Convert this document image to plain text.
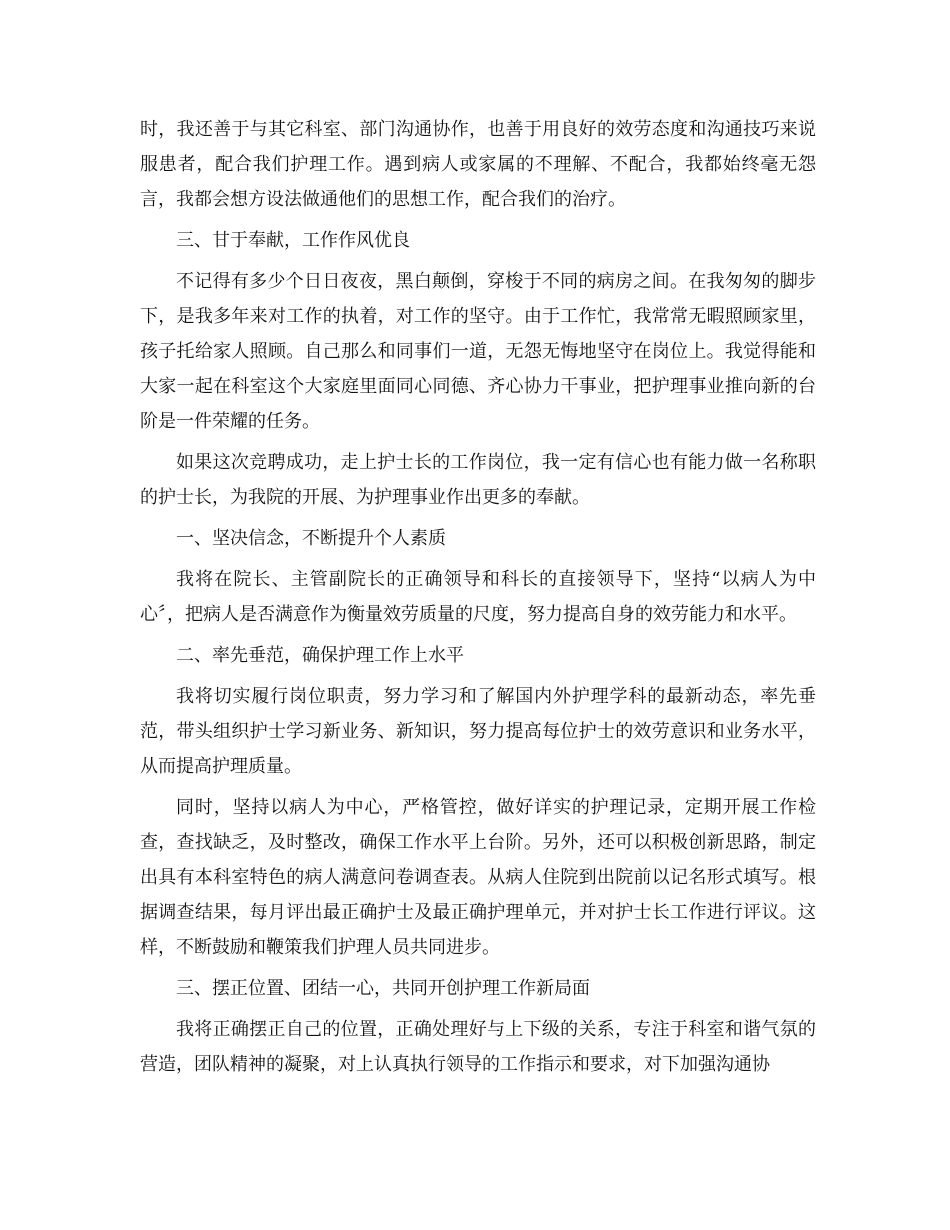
时，我还善于与其它科室、部门沟通协作，也善于用良好的效劳态度和沟通技巧来说服患者，配合我们护理工作。遇到病人或家属的不理解、不配合，我都始终毫无怨言，我都会想方设法做通他们的思想工作，配合我们的治疗。

三、甘于奉献，工作作风优良

不记得有多少个日日夜夜，黑白颠倒，穿梭于不同的病房之间。在我匆匆的脚步下，是我多年来对工作的执着，对工作的坚守。由于工作忙，我常常无暇照顾家里，孩子托给家人照顾。自己那么和同事们一道，无怨无悔地坚守在岗位上。我觉得能和大家一起在科室这个大家庭里面同心同德、齐心协力干事业，把护理事业推向新的台阶是一件荣耀的任务。

如果这次竞聘成功，走上护士长的工作岗位，我一定有信心也有能力做一名称职的护士长，为我院的开展、为护理事业作出更多的奉献。

一、坚决信念，不断提升个人素质

我将在院长、主管副院长的正确领导和科长的直接领导下，坚持“以病人为中心〞，把病人是否满意作为衡量效劳质量的尺度，努力提高自身的效劳能力和水平。

二、率先垂范，确保护理工作上水平

我将切实履行岗位职责，努力学习和了解国内外护理学科的最新动态，率先垂范，带头组织护士学习新业务、新知识，努力提高每位护士的效劳意识和业务水平，从而提高护理质量。

同时，坚持以病人为中心，严格管控，做好详实的护理记录，定期开展工作检查，查找缺乏，及时整改，确保工作水平上台阶。另外，还可以积极创新思路，制定出具有本科室特色的病人满意问卷调查表。从病人住院到出院前以记名形式填写。根据调查结果，每月评出最正确护士及最正确护理单元，并对护士长工作进行评议。这样，不断鼓励和鞭策我们护理人员共同进步。

三、摆正位置、团结一心，共同开创护理工作新局面

我将正确摆正自己的位置，正确处理好与上下级的关系，专注于科室和谐气氛的营造，团队精神的凝聚，对上认真执行领导的工作指示和要求，对下加强沟通协
